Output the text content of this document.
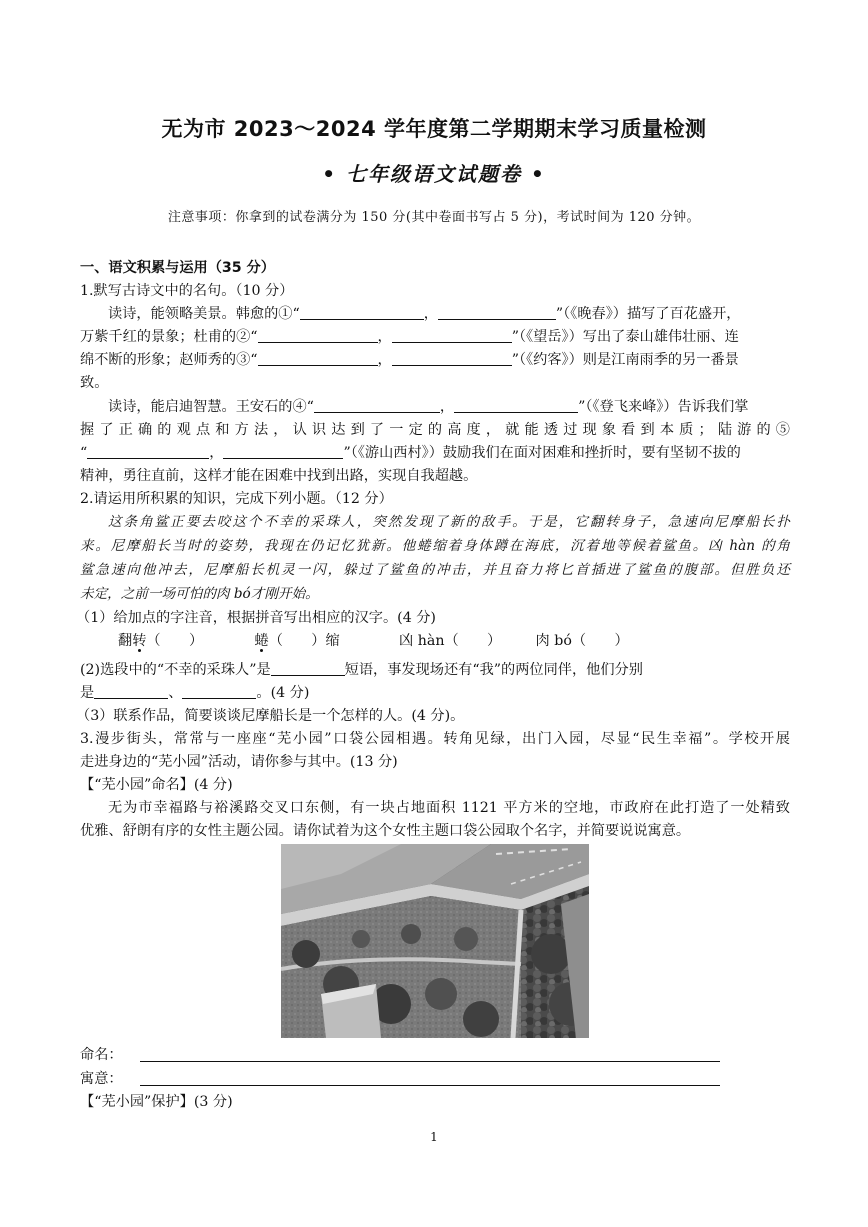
无为市 2023～2024 学年度第二学期期末学习质量检测
• 七年级语文试题卷 •
注意事项：你拿到的试卷满分为 150 分(其中卷面书写占 5 分)，考试时间为 120 分钟。
一、语文积累与运用（35 分）
1.默写古诗文中的名句。（10 分）
读诗，能领略美景。韩愈的①“	，	”（《晚春》）描写了百花盛开，
万紫千红的景象；杜甫的②“	，	”（《望岳》）写出了泰山雄伟壮丽、连
绵不断的形象；赵师秀的③“	，	”（《约客》）则是江南雨季的另一番景
致。
读诗，能启迪智慧。王安石的④“	，	”（《登飞来峰》）告诉我们掌
握了正确的观点和方法，认识达到了一定的高度，就能透过现象看到本质；陆游的⑤
“	，	”（《游山西村》）鼓励我们在面对困难和挫折时，要有坚韧不拔的
精神，勇往直前，这样才能在困难中找到出路，实现自我超越。
2.请运用所积累的知识，完成下列小题。（12 分）
这条角鲨正要去咬这个不幸的采珠人，突然发现了新的敌手。于是，它翻转身子，急速向尼摩船长扑
来。尼摩船长当时的姿势，我现在仍记忆犹新。他蜷缩着身体蹲在海底，沉着地等候着鲨鱼。凶 hàn 的角
鲨急速向他冲去，尼摩船长机灵一闪，躲过了鲨鱼的冲击，并且奋力将匕首插进了鲨鱼的腹部。但胜负还
未定，之前一场可怕的肉 bó才刚开始。
（1）给加点的字注音，根据拼音写出相应的汉字。(4 分)
翻转（　　）	蜷（　　）缩	凶 hàn（　　） 肉 bó（　　）
(2)选段中的“不幸的采珠人”是	短语，事发现场还有“我”的两位同伴，他们分别
是	、	。(4 分)
（3）联系作品，简要谈谈尼摩船长是一个怎样的人。(4 分)。
3.漫步街头，常常与一座座“芜小园”口袋公园相遇。转角见绿，出门入园，尽显“民生幸福”。学校开展
走进身边的“芜小园”活动，请你参与其中。(13 分)
【“芜小园”命名】(4 分)
无为市幸福路与裕溪路交叉口东侧，有一块占地面积 1121 平方米的空地，市政府在此打造了一处精致
优雅、舒朗有序的女性主题公园。请你试着为这个女性主题口袋公园取个名字，并简要说说寓意。
命名：
寓意：
【“芜小园”保护】(3 分)
1
